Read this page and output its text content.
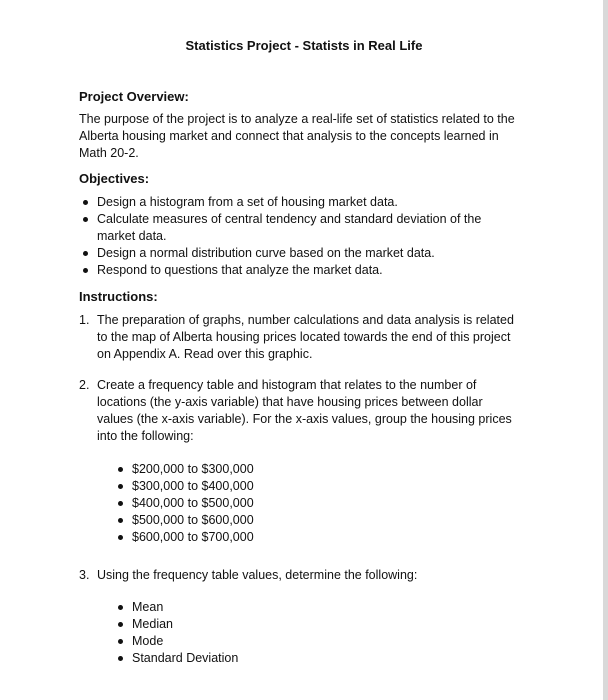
Statistics Project - Statists in Real Life
Project Overview:
The purpose of the project is to analyze a real-life set of statistics related to the Alberta housing market and connect that analysis to the concepts learned in Math 20-2.
Objectives:
Design a histogram from a set of housing market data.
Calculate measures of central tendency and standard deviation of the market data.
Design a normal distribution curve based on the market data.
Respond to questions that analyze the market data.
Instructions:
1. The preparation of graphs, number calculations and data analysis is related to the map of Alberta housing prices located towards the end of this project on Appendix A. Read over this graphic.
2. Create a frequency table and histogram that relates to the number of locations (the y-axis variable) that have housing prices between dollar values (the x-axis variable). For the x-axis values, group the housing prices into the following:
$200,000 to $300,000
$300,000 to $400,000
$400,000 to $500,000
$500,000 to $600,000
$600,000 to $700,000
3. Using the frequency table values, determine the following:
Mean
Median
Mode
Standard Deviation
